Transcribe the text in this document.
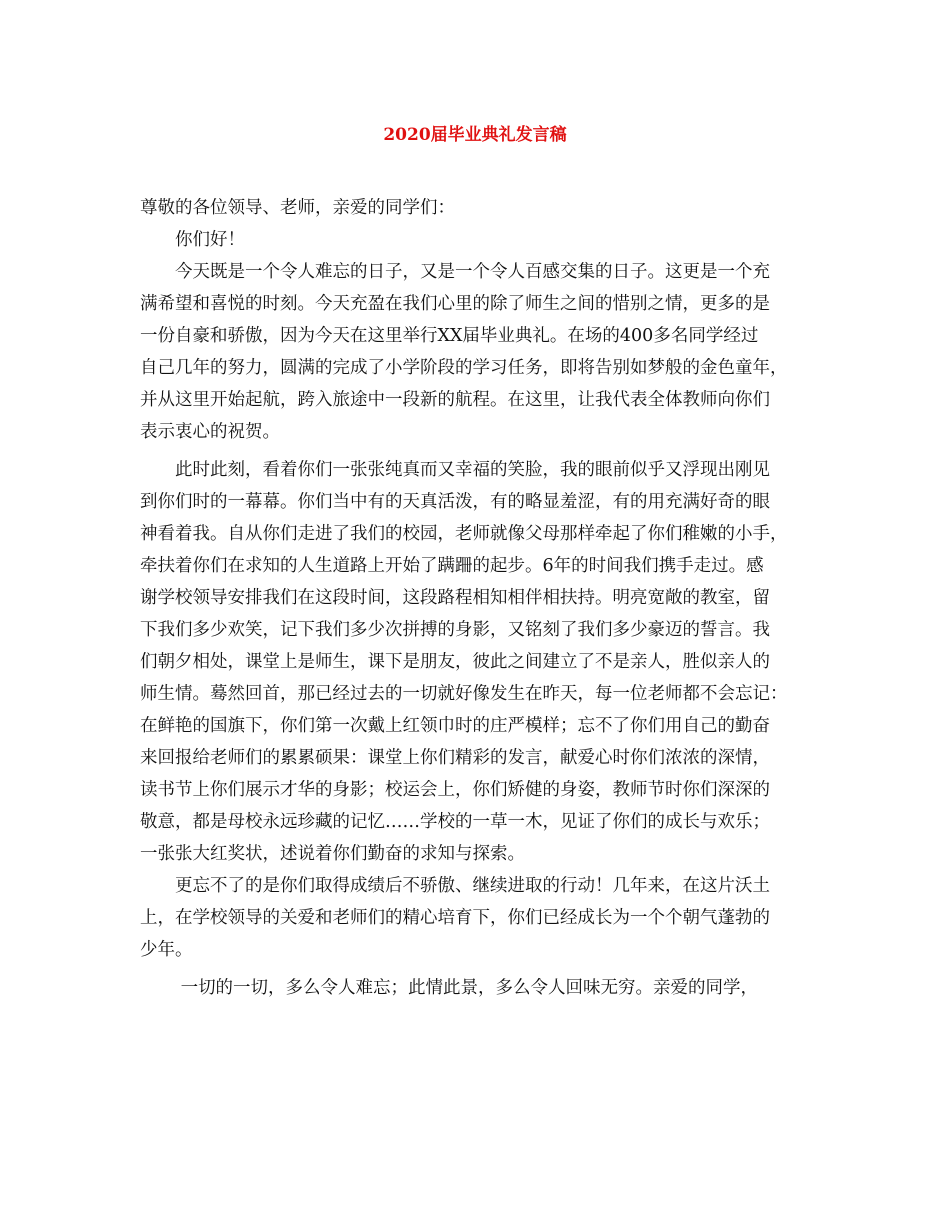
2020届毕业典礼发言稿
尊敬的各位领导、老师，亲爱的同学们：
　　你们好！
　　今天既是一个令人难忘的日子，又是一个令人百感交集的日子。这更是一个充
满希望和喜悦的时刻。今天充盈在我们心里的除了师生之间的惜别之情，更多的是
一份自豪和骄傲，因为今天在这里举行XX届毕业典礼。在场的400多名同学经过
自己几年的努力，圆满的完成了小学阶段的学习任务，即将告别如梦般的金色童年，
并从这里开始起航，跨入旅途中一段新的航程。在这里，让我代表全体教师向你们
表示衷心的祝贺。
　　此时此刻，看着你们一张张纯真而又幸福的笑脸，我的眼前似乎又浮现出刚见
到你们时的一幕幕。你们当中有的天真活泼，有的略显羞涩，有的用充满好奇的眼
神看着我。自从你们走进了我们的校园，老师就像父母那样牵起了你们稚嫩的小手，
牵扶着你们在求知的人生道路上开始了蹒跚的起步。6年的时间我们携手走过。感
谢学校领导安排我们在这段时间，这段路程相知相伴相扶持。明亮宽敞的教室，留
下我们多少欢笑，记下我们多少次拼搏的身影，又铭刻了我们多少豪迈的誓言。我
们朝夕相处，课堂上是师生，课下是朋友，彼此之间建立了不是亲人，胜似亲人的
师生情。蓦然回首，那已经过去的一切就好像发生在昨天，每一位老师都不会忘记：
在鲜艳的国旗下，你们第一次戴上红领巾时的庄严模样；忘不了你们用自己的勤奋
来回报给老师们的累累硕果：课堂上你们精彩的发言，献爱心时你们浓浓的深情，
读书节上你们展示才华的身影；校运会上，你们矫健的身姿，教师节时你们深深的
敬意，都是母校永远珍藏的记忆……学校的一草一木，见证了你们的成长与欢乐；
一张张大红奖状，述说着你们勤奋的求知与探索。
　　更忘不了的是你们取得成绩后不骄傲、继续进取的行动！几年来，在这片沃土
上，在学校领导的关爱和老师们的精心培育下，你们已经成长为一个个朝气蓬勃的
少年。
　　 一切的一切，多么令人难忘；此情此景，多么令人回味无穷。亲爱的同学，
